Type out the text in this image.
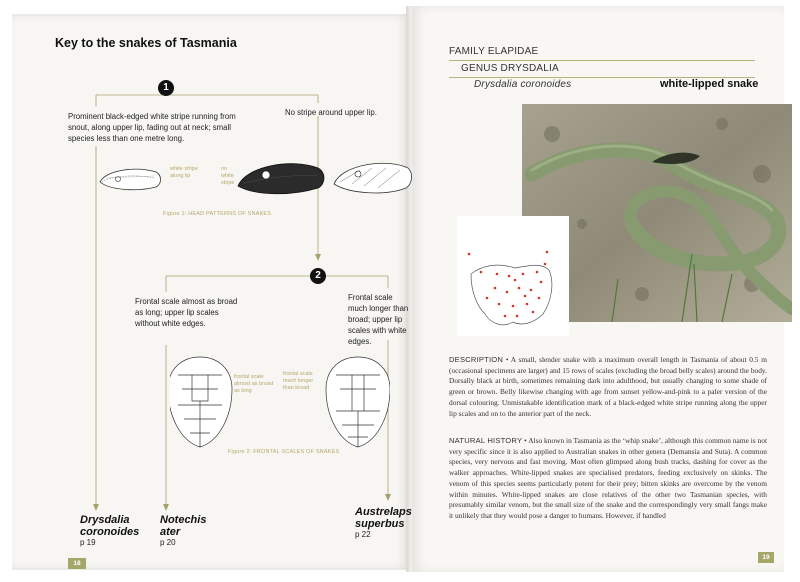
Key to the snakes of Tasmania
1
2
Prominent black-edged white stripe running from snout, along upper lip, fading out at neck; small species less than one metre long.
No stripe around upper lip.
white stripe along lip
no white stripe
Figure 1: HEAD PATTERNS OF SNAKES
Frontal scale almost as broad as long; upper lip scales without white edges.
Frontal scale much longer than broad; upper lip scales with white edges.
frontal scale almost as broad as long
frontal scale much longer than broad
Figure 2: FRONTAL SCALES OF SNAKES
Drysdalia
coronoides
p 19
Notechis
ater
p 20
Austrelaps
superbus
p 22
18
FAMILY ELAPIDAE
GENUS DRYSDALIA
Drysdalia coronoides	white-lipped snake
DESCRIPTION • A small, slender snake with a maximum overall length in Tasmania of about 0.5 m (occasional specimens are larger) and 15 rows of scales (excluding the broad belly scales) around the body. Dorsally black at birth, sometimes remaining dark into adulthood, but usually changing to some shade of green or brown. Belly likewise changing with age from sunset yellow-and-pink to a paler version of the dorsal colouring. Unmistakable identification mark of a black-edged white stripe running along the upper lip scales and on to the anterior part of the neck.
NATURAL HISTORY • Also known in Tasmania as the ‘whip snake’, although this common name is not very specific since it is also applied to Australian snakes in other genera (Demansia and Suta). A common species, very nervous and fast moving. Most often glimpsed along bush tracks, dashing for cover as the walker approaches. White-lipped snakes are specialised predators, feeding exclusively on skinks. The venom of this species seems particularly potent for their prey; bitten skinks are overcome by the venom within minutes. White-lipped snakes are close relatives of the other two Tasmanian species, with presumably similar venom, but the small size of the snake and the correspondingly very small fangs make it unlikely that they would pose a danger to humans. However, if handled
19
